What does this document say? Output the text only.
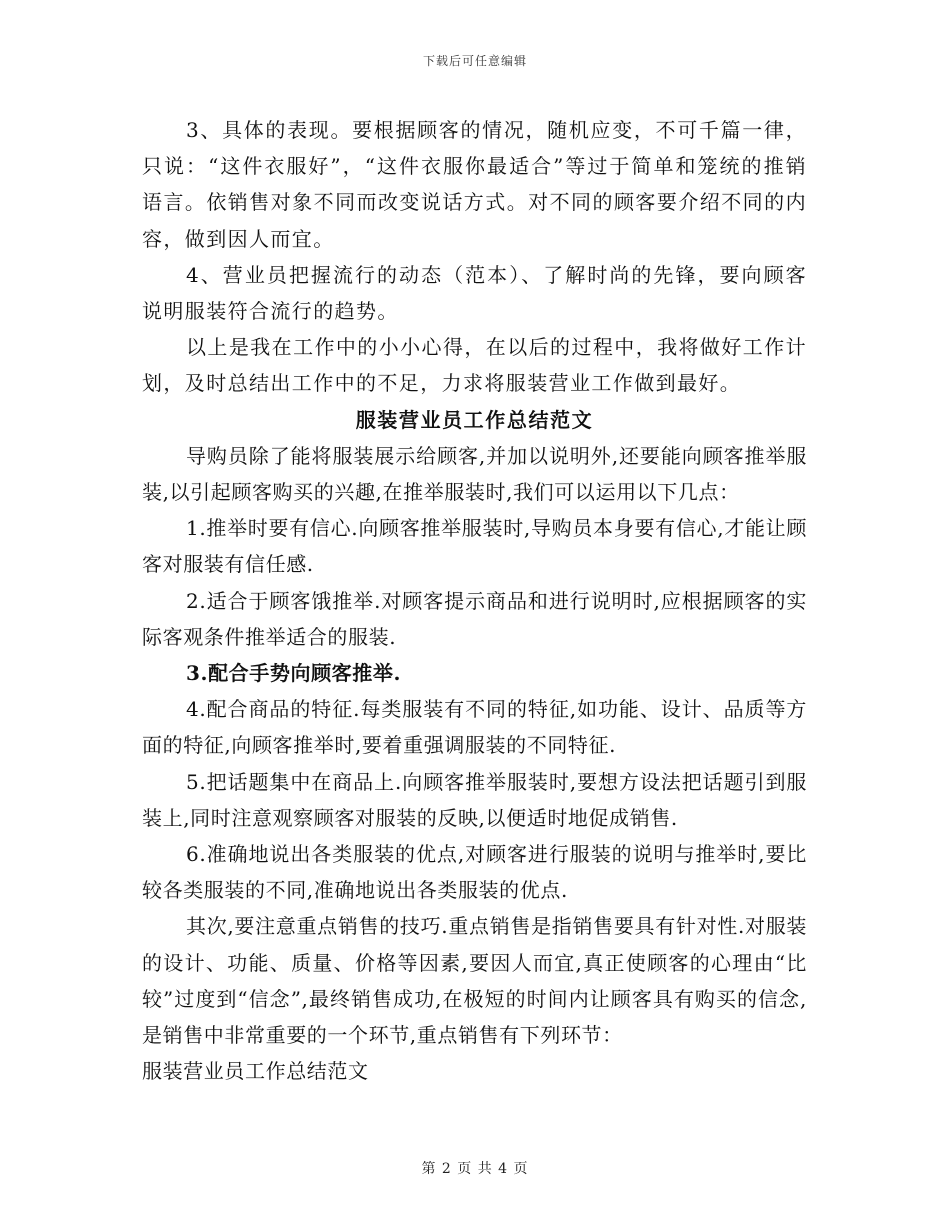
下载后可任意编辑

3、具体的表现。要根据顾客的情况，随机应变，不可千篇一律，只说：“这件衣服好”，“这件衣服你最适合”等过于简单和笼统的推销语言。依销售对象不同而改变说话方式。对不同的顾客要介绍不同的内容，做到因人而宜。

4、营业员把握流行的动态（范本）、了解时尚的先锋，要向顾客说明服装符合流行的趋势。

以上是我在工作中的小小心得，在以后的过程中，我将做好工作计划，及时总结出工作中的不足，力求将服装营业工作做到最好。

服装营业员工作总结范文

导购员除了能将服装展示给顾客,并加以说明外,还要能向顾客推举服装,以引起顾客购买的兴趣,在推举服装时,我们可以运用以下几点：

1.推举时要有信心.向顾客推举服装时,导购员本身要有信心,才能让顾客对服装有信任感.

2.适合于顾客饿推举.对顾客提示商品和进行说明时,应根据顾客的实际客观条件推举适合的服装.

3.配合手势向顾客推举.

4.配合商品的特征.每类服装有不同的特征,如功能、设计、品质等方面的特征,向顾客推举时,要着重强调服装的不同特征.

5.把话题集中在商品上.向顾客推举服装时,要想方设法把话题引到服装上,同时注意观察顾客对服装的反映,以便适时地促成销售.

6.准确地说出各类服装的优点,对顾客进行服装的说明与推举时,要比较各类服装的不同,准确地说出各类服装的优点.

其次,要注意重点销售的技巧.重点销售是指销售要具有针对性.对服装的设计、功能、质量、价格等因素,要因人而宜,真正使顾客的心理由“比较”过度到“信念”,最终销售成功,在极短的时间内让顾客具有购买的信念,是销售中非常重要的一个环节,重点销售有下列环节：

服装营业员工作总结范文

第 2 页 共 4 页
